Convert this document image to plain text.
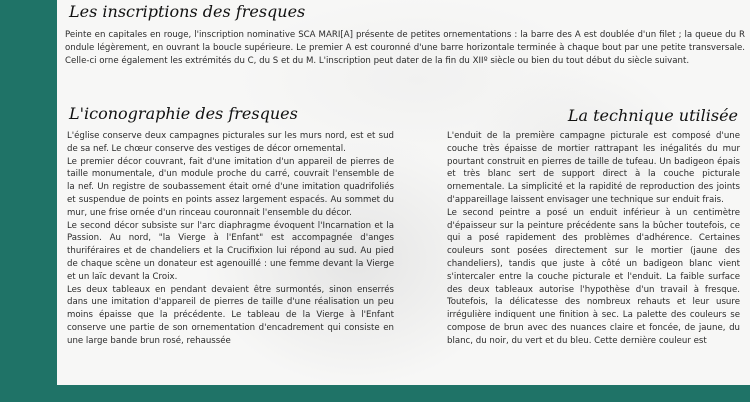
Les inscriptions des fresques

Peinte en capitales en rouge, l'inscription nominative SCA MARI[A] présente de petites ornementations : la barre des A est doublée d'un filet ; la queue du R ondule légèrement, en ouvrant la boucle supérieure. Le premier A est couronné d'une barre horizontale terminée à chaque bout par une petite transversale. Celle-ci orne également les extrémités du C, du S et du M. L'inscription peut dater de la fin du XIIº siècle ou bien du tout début du siècle suivant.

L'iconographie des fresques

L'église conserve deux campagnes picturales sur les murs nord, est et sud de sa nef. Le chœur conserve des vestiges de décor ornemental.

Le premier décor couvrant, fait d'une imitation d'un appareil de pierres de taille monumentale, d'un module proche du carré, couvrait l'ensemble de la nef. Un registre de soubassement était orné d'une imitation quadrifoliés et suspendue de points en points assez largement espacés. Au sommet du mur, une frise ornée d'un rinceau couronnait l'ensemble du décor.

Le second décor subsiste sur l'arc diaphragme évoquent l'Incarnation et la Passion. Au nord, "la Vierge à l'Enfant" est accompagnée d'anges thuriféraires et de chandeliers et la Crucifixion lui répond au sud. Au pied de chaque scène un donateur est agenouillé : une femme devant la Vierge et un laïc devant la Croix.

Les deux tableaux en pendant devaient être surmontés, sinon enserrés dans une imitation d'appareil de pierres de taille d'une réalisation un peu moins épaisse que la précédente. Le tableau de la Vierge à l'Enfant conserve une partie de son ornementation d'encadrement qui consiste en une large bande brun rosé, rehaussée

La technique utilisée

L'enduit de la première campagne picturale est composé d'une couche très épaisse de mortier rattrapant les inégalités du mur pourtant construit en pierres de taille de tufeau. Un badigeon épais et très blanc sert de support direct à la couche picturale ornementale. La simplicité et la rapidité de reproduction des joints d'appareillage laissent envisager une technique sur enduit frais.

Le second peintre a posé un enduit inférieur à un centimètre d'épaisseur sur la peinture précédente sans la bûcher toutefois, ce qui a posé rapidement des problèmes d'adhérence. Certaines couleurs sont posées directement sur le mortier (jaune des chandeliers), tandis que juste à côté un badigeon blanc vient s'intercaler entre la couche picturale et l'enduit. La faible surface des deux tableaux autorise l'hypothèse d'un travail à fresque. Toutefois, la délicatesse des nombreux rehauts et leur usure irrégulière indiquent une finition à sec. La palette des couleurs se compose de brun avec des nuances claire et foncée, de jaune, du blanc, du noir, du vert et du bleu. Cette dernière couleur est
